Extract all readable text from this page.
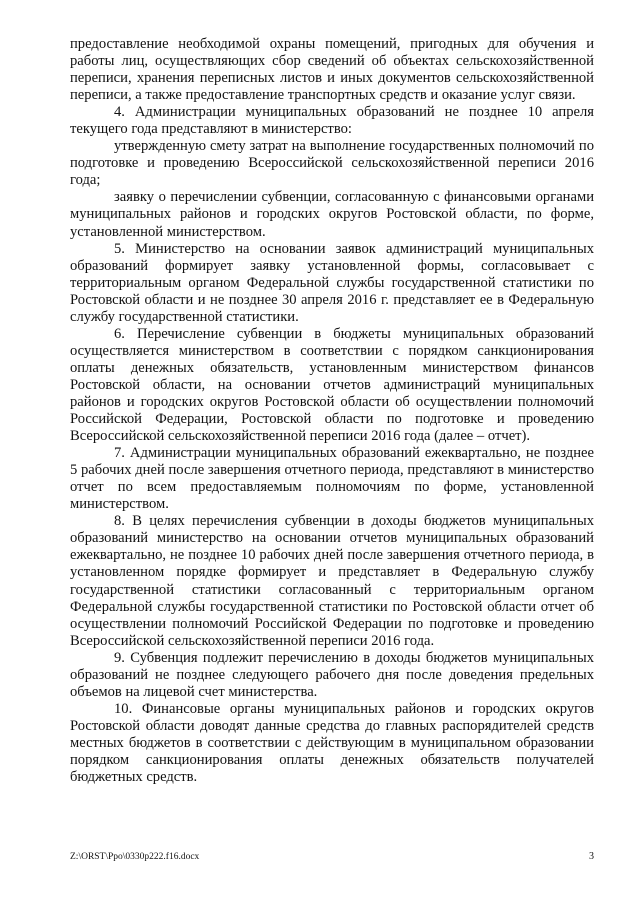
предоставление необходимой охраны помещений, пригодных для обучения и работы лиц, осуществляющих сбор сведений об объектах сельскохозяйственной переписи, хранения переписных листов и иных документов сельскохозяйственной переписи, а также предоставление транспортных средств и оказание услуг связи.

4. Администрации муниципальных образований не позднее 10 апреля текущего года представляют в министерство:

утвержденную смету затрат на выполнение государственных полномочий по подготовке и проведению Всероссийской сельскохозяйственной переписи 2016 года;

заявку о перечислении субвенции, согласованную с финансовыми органами муниципальных районов и городских округов Ростовской области, по форме, установленной министерством.

5. Министерство на основании заявок администраций муниципальных образований формирует заявку установленной формы, согласовывает с территориальным органом Федеральной службы государственной статистики по Ростовской области и не позднее 30 апреля 2016 г. представляет ее в Федеральную службу государственной статистики.

6. Перечисление субвенции в бюджеты муниципальных образований осуществляется министерством в соответствии с порядком санкционирования оплаты денежных обязательств, установленным министерством финансов Ростовской области, на основании отчетов администраций муниципальных районов и городских округов Ростовской области об осуществлении полномочий Российской Федерации, Ростовской области по подготовке и проведению Всероссийской сельскохозяйственной переписи 2016 года (далее – отчет).

7. Администрации муниципальных образований ежеквартально, не позднее 5 рабочих дней после завершения отчетного периода, представляют в министерство отчет по всем предоставляемым полномочиям по форме, установленной министерством.

8. В целях перечисления субвенции в доходы бюджетов муниципальных образований министерство на основании отчетов муниципальных образований ежеквартально, не позднее 10 рабочих дней после завершения отчетного периода, в установленном порядке формирует и представляет в Федеральную службу государственной статистики согласованный с территориальным органом Федеральной службы государственной статистики по Ростовской области отчет об осуществлении полномочий Российской Федерации по подготовке и проведению Всероссийской сельскохозяйственной переписи 2016 года.

9. Субвенция подлежит перечислению в доходы бюджетов муниципальных образований не позднее следующего рабочего дня после доведения предельных объемов на лицевой счет министерства.

10. Финансовые органы муниципальных районов и городских округов Ростовской области доводят данные средства до главных распорядителей средств местных бюджетов в соответствии с действующим в муниципальном образовании порядком санкционирования оплаты денежных обязательств получателей бюджетных средств.

Z:\ORST\Ppo\0330p222.f16.docx	3
